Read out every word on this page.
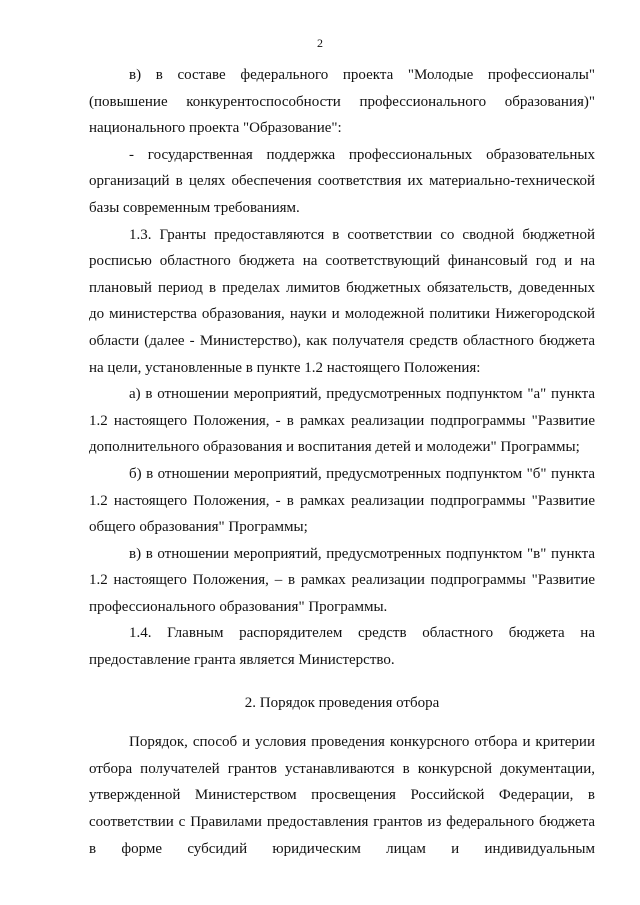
2

в) в составе федерального проекта "Молодые профессионалы" (повышение конкурентоспособности профессионального образования)" национального проекта "Образование":

- государственная поддержка профессиональных образовательных организаций в целях обеспечения соответствия их материально-технической базы современным требованиям.

1.3. Гранты предоставляются в соответствии со сводной бюджетной росписью областного бюджета на соответствующий финансовый год и на плановый период в пределах лимитов бюджетных обязательств, доведенных до министерства образования, науки и молодежной политики Нижегородской области (далее - Министерство), как получателя средств областного бюджета на цели, установленные в пункте 1.2 настоящего Положения:

а) в отношении мероприятий, предусмотренных подпунктом "а" пункта 1.2 настоящего Положения, - в рамках реализации подпрограммы "Развитие дополнительного образования и воспитания детей и молодежи" Программы;

б) в отношении мероприятий, предусмотренных подпунктом "б" пункта 1.2 настоящего Положения, - в рамках реализации подпрограммы "Развитие общего образования" Программы;

в) в отношении мероприятий, предусмотренных подпунктом "в" пункта 1.2 настоящего Положения, – в рамках реализации подпрограммы "Развитие профессионального образования" Программы.

1.4. Главным распорядителем средств областного бюджета на предоставление гранта является Министерство.

2. Порядок проведения отбора

Порядок, способ и условия проведения конкурсного отбора и критерии отбора получателей грантов устанавливаются в конкурсной документации, утвержденной Министерством просвещения Российской Федерации, в соответствии с Правилами предоставления грантов из федерального бюджета в форме субсидий юридическим лицам и индивидуальным
